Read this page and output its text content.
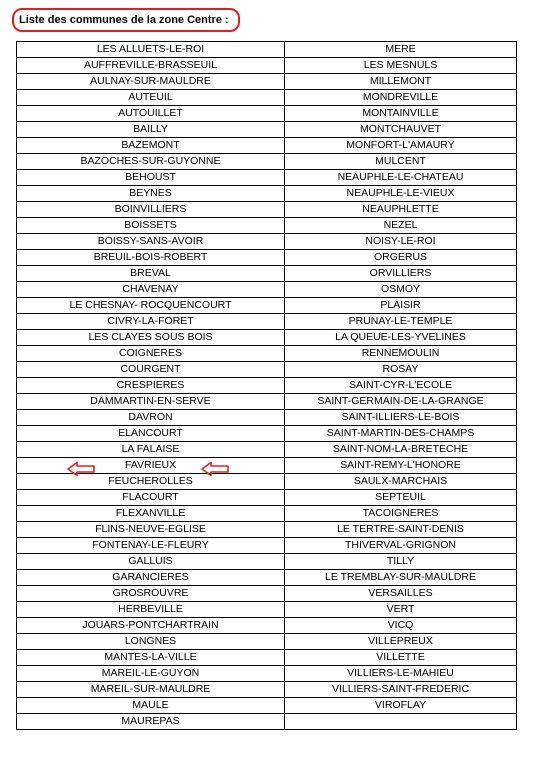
Liste des communes de la zone Centre :
LES ALLUETS-LE-ROI	MERE
AUFFREVILLE-BRASSEUIL	LES MESNULS
AULNAY-SUR-MAULDRE	MILLEMONT
AUTEUIL	MONDREVILLE
AUTOUILLET	MONTAINVILLE
BAILLY	MONTCHAUVET
BAZEMONT	MONFORT-L'AMAURY
BAZOCHES-SUR-GUYONNE	MULCENT
BEHOUST	NEAUPHLE-LE-CHATEAU
BEYNES	NEAUPHLE-LE-VIEUX
BOINVILLIERS	NEAUPHLETTE
BOISSETS	NEZEL
BOISSY-SANS-AVOIR	NOISY-LE-ROI
BREUIL-BOIS-ROBERT	ORGERUS
BREVAL	ORVILLIERS
CHAVENAY	OSMOY
LE CHESNAY- ROCQUENCOURT	PLAISIR
CIVRY-LA-FORET	PRUNAY-LE-TEMPLE
LES CLAYES SOUS BOIS	LA QUEUE-LES-YVELINES
COIGNERES	RENNEMOULIN
COURGENT	ROSAY
CRESPIERES	SAINT-CYR-L'ECOLE
DAMMARTIN-EN-SERVE	SAINT-GERMAIN-DE-LA-GRANGE
DAVRON	SAINT-ILLIERS-LE-BOIS
ELANCOURT	SAINT-MARTIN-DES-CHAMPS
LA FALAISE	SAINT-NOM-LA-BRETECHE
FAVRIEUX	SAINT-REMY-L'HONORE
FEUCHEROLLES	SAULX-MARCHAIS
FLACOURT	SEPTEUIL
FLEXANVILLE	TACOIGNERES
FLINS-NEUVE-EGLISE	LE TERTRE-SAINT-DENIS
FONTENAY-LE-FLEURY	THIVERVAL-GRIGNON
GALLUIS	TILLY
GARANCIERES	LE TREMBLAY-SUR-MAULDRE
GROSROUVRE	VERSAILLES
HERBEVILLE	VERT
JOUARS-PONTCHARTRAIN	VICQ
LONGNES	VILLEPREUX
MANTES-LA-VILLE	VILLETTE
MAREIL-LE-GUYON	VILLIERS-LE-MAHIEU
MAREIL-SUR-MAULDRE	VILLIERS-SAINT-FREDERIC
MAULE	VIROFLAY
MAUREPAS	
